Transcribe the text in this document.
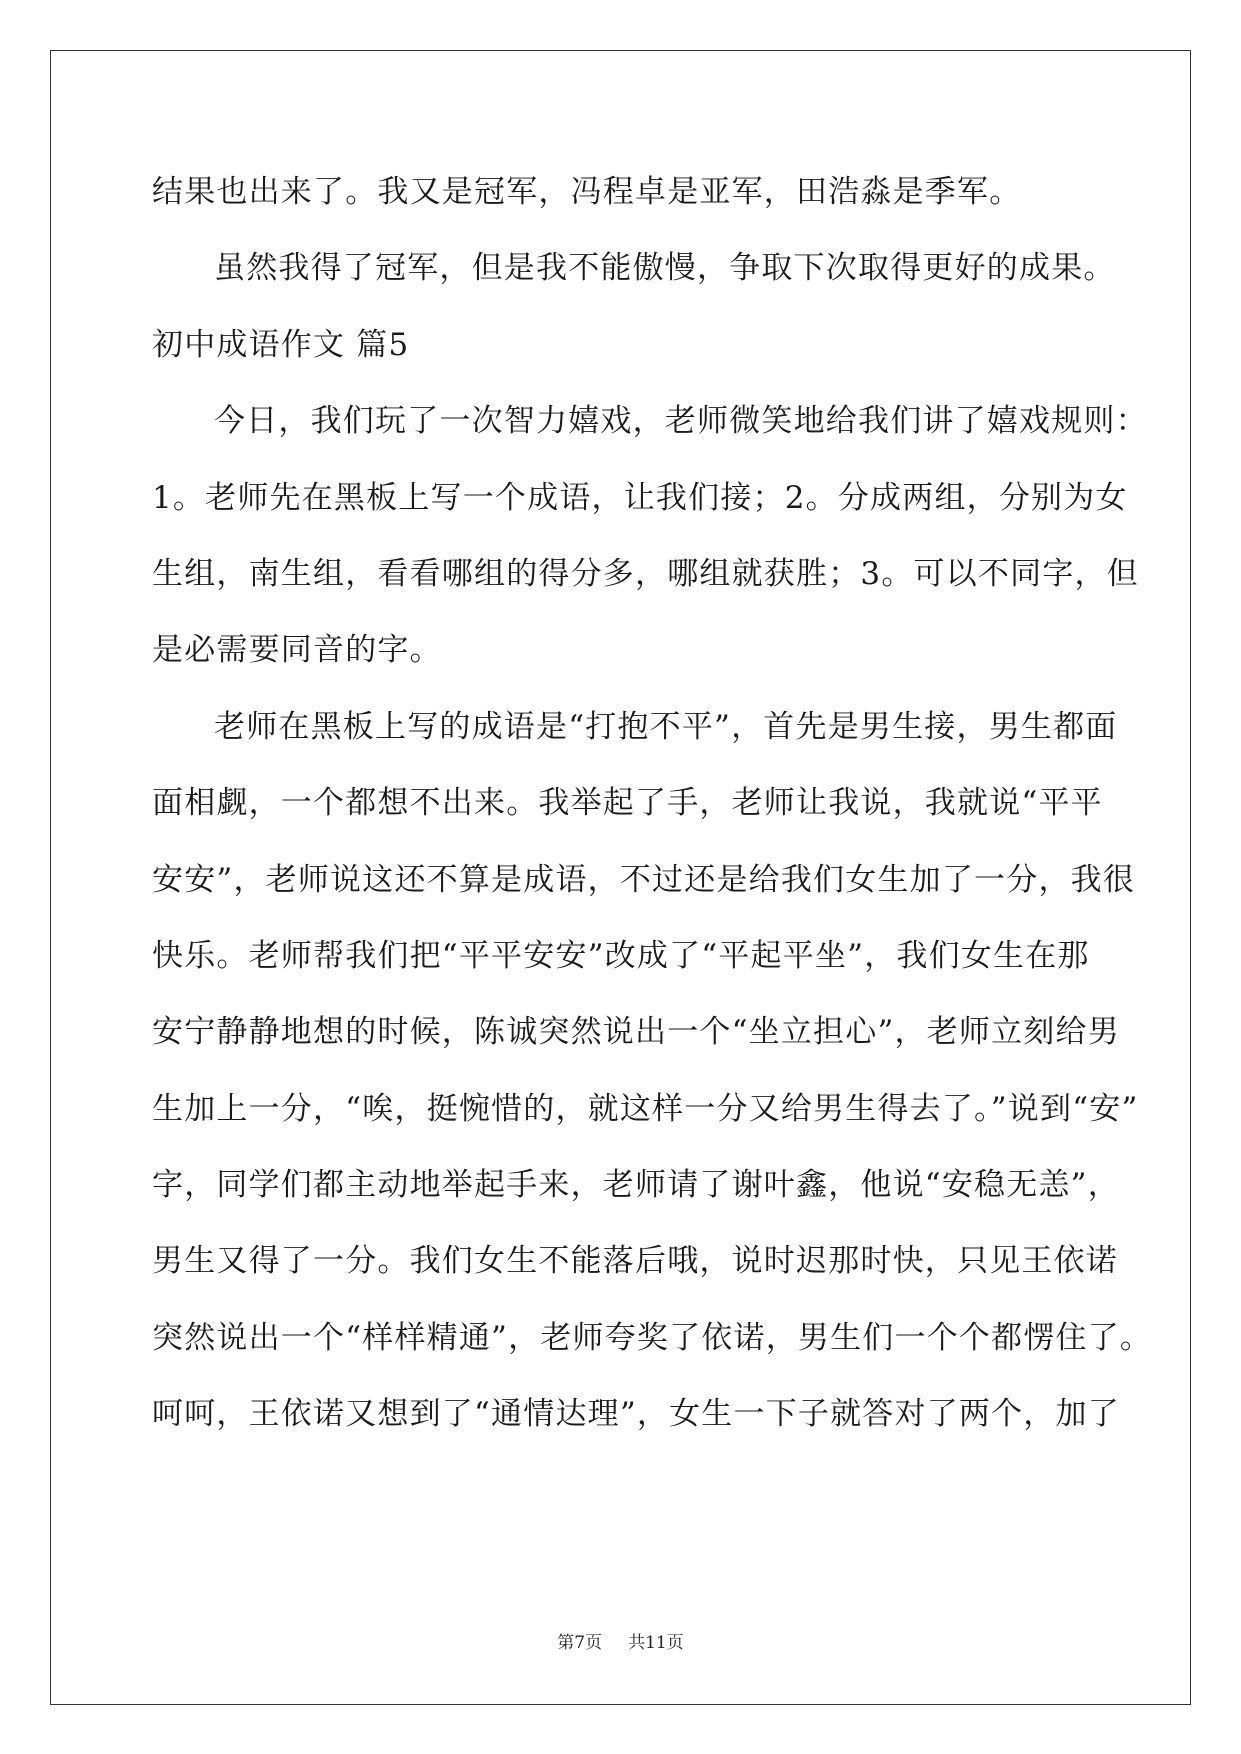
结果也出来了。我又是冠军，冯程卓是亚军，田浩淼是季军。
虽然我得了冠军，但是我不能傲慢，争取下次取得更好的成果。
初中成语作文 篇5
今日，我们玩了一次智力嬉戏，老师微笑地给我们讲了嬉戏规则：
1。老师先在黑板上写一个成语，让我们接；2。分成两组，分别为女
生组，南生组，看看哪组的得分多，哪组就获胜；3。可以不同字，但
是必需要同音的字。
老师在黑板上写的成语是“打抱不平”，首先是男生接，男生都面
面相觑，一个都想不出来。我举起了手，老师让我说，我就说“平平
安安”，老师说这还不算是成语，不过还是给我们女生加了一分，我很
快乐。老师帮我们把“平平安安”改成了“平起平坐”，我们女生在那
安宁静静地想的时候，陈诚突然说出一个“坐立担心”，老师立刻给男
生加上一分，“唉，挺惋惜的，就这样一分又给男生得去了。”说到“安”
字，同学们都主动地举起手来，老师请了谢叶鑫，他说“安稳无恙”，
男生又得了一分。我们女生不能落后哦，说时迟那时快，只见王依诺
突然说出一个“样样精通”，老师夸奖了依诺，男生们一个个都愣住了。
呵呵，王依诺又想到了“通情达理”，女生一下子就答对了两个，加了
第7页 共11页
